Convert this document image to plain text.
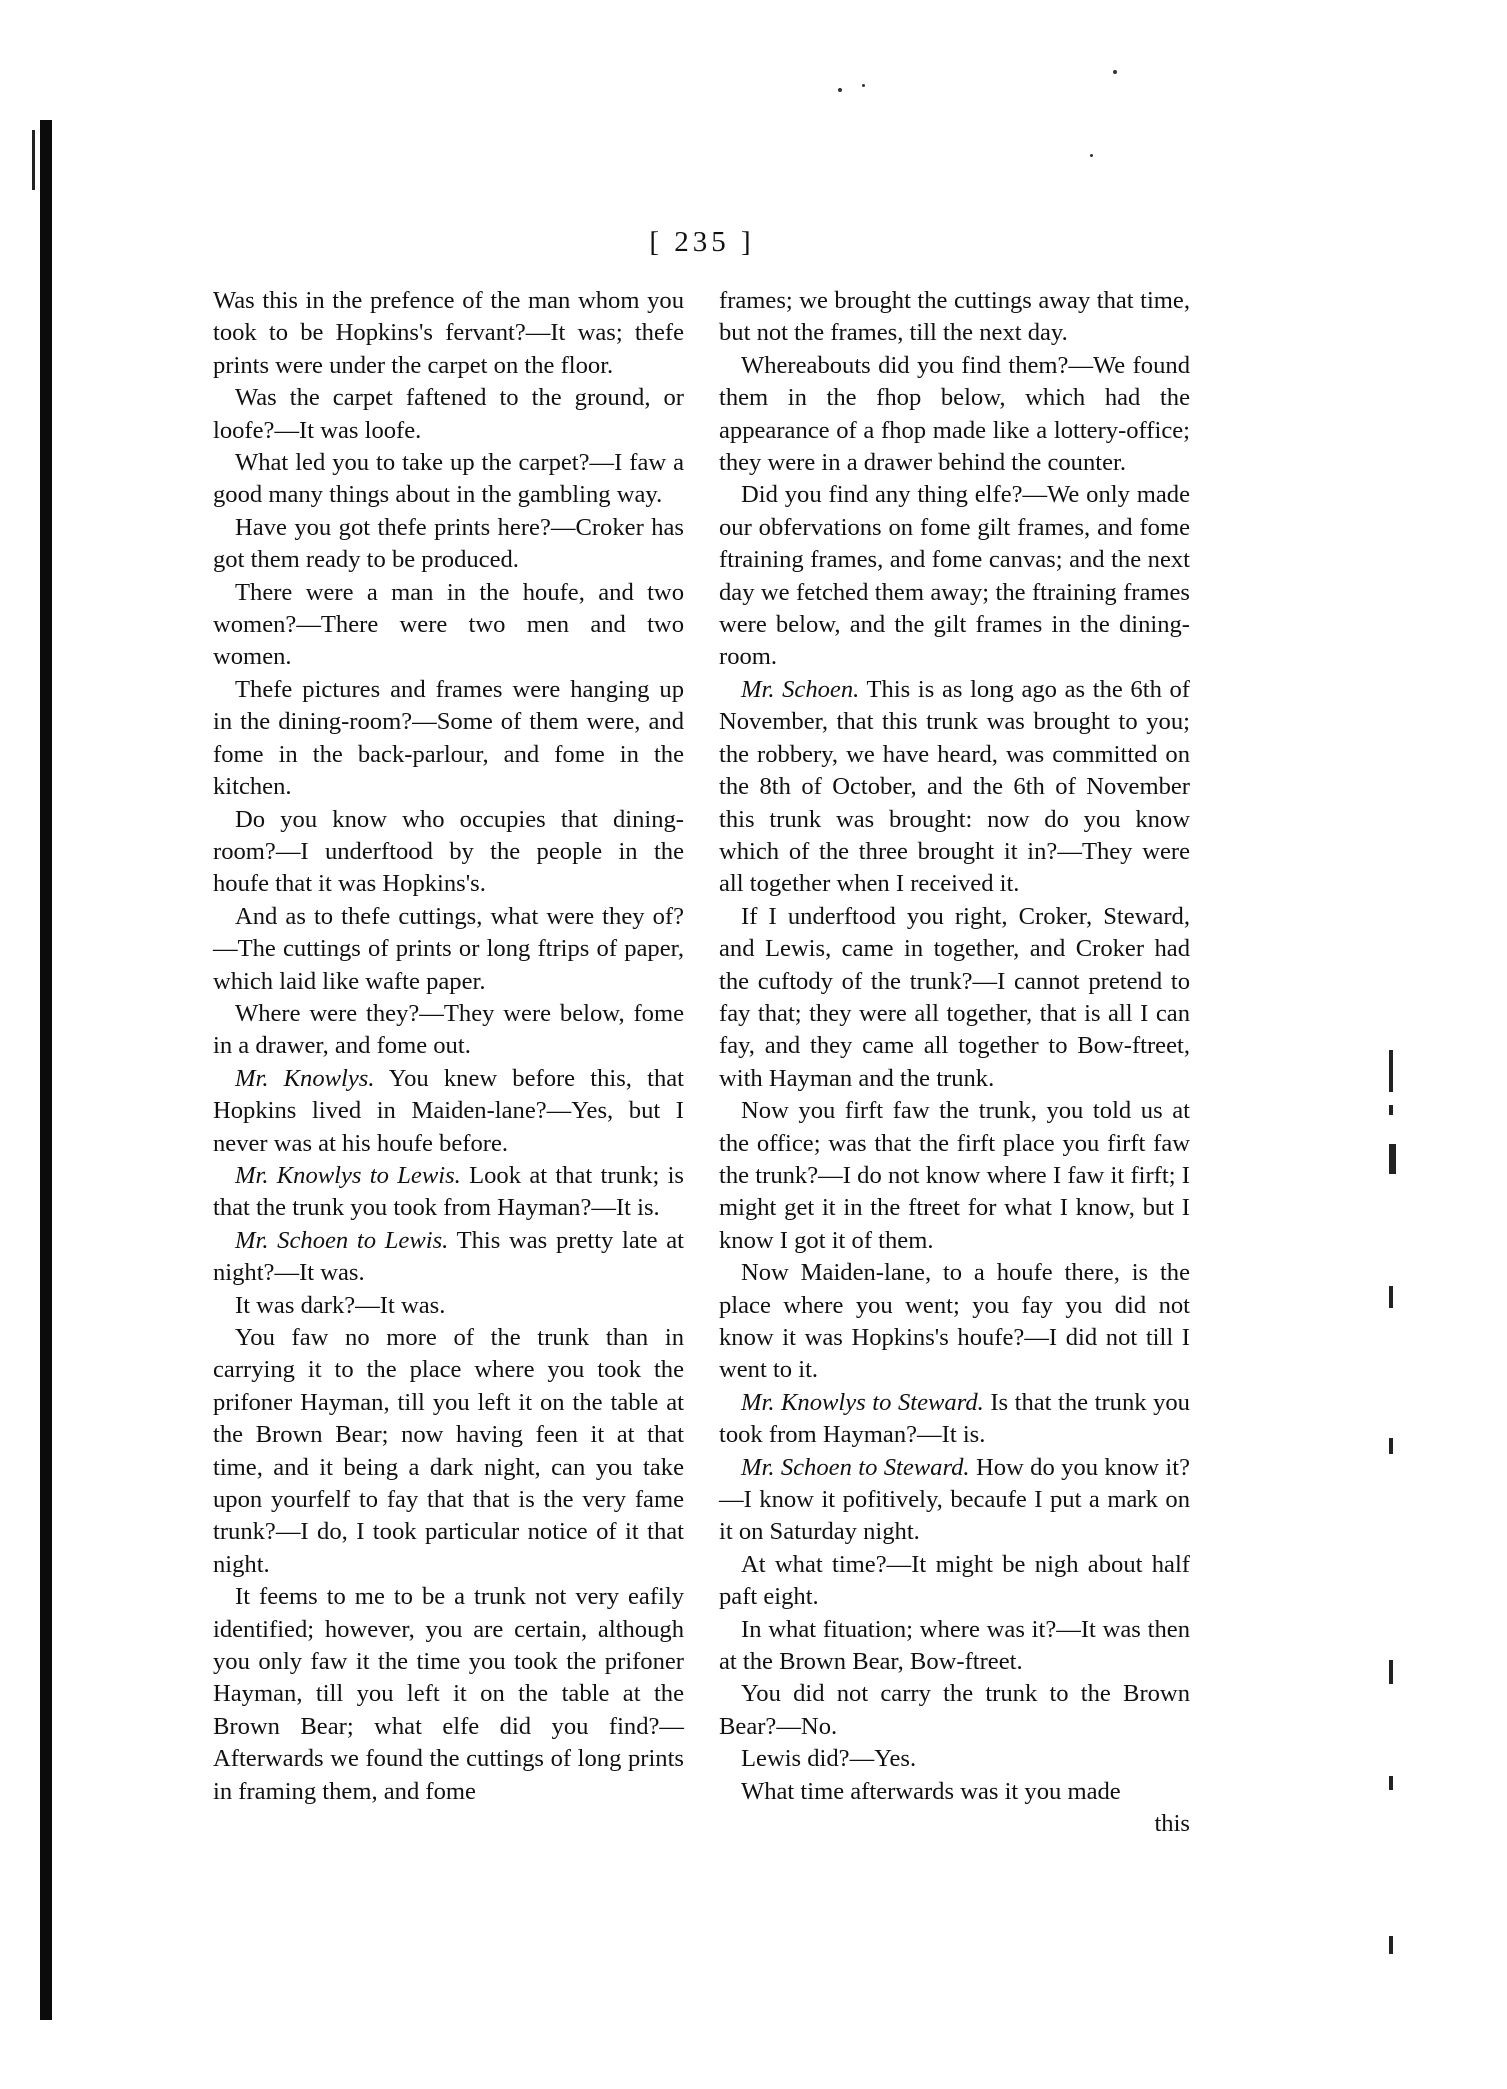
[ 235 ]

Was this in the prefence of the man whom you took to be Hopkins's fervant?—It was; thefe prints were under the carpet on the floor.

Was the carpet faftened to the ground, or loofe?—It was loofe.

What led you to take up the carpet?—I faw a good many things about in the gambling way.

Have you got thefe prints here?—Croker has got them ready to be produced.

There were a man in the houfe, and two women?—There were two men and two women.

Thefe pictures and frames were hanging up in the dining-room?—Some of them were, and fome in the back-parlour, and fome in the kitchen.

Do you know who occupies that dining-room?—I underftood by the people in the houfe that it was Hopkins's.

And as to thefe cuttings, what were they of?—The cuttings of prints or long ftrips of paper, which laid like wafte paper.

Where were they?—They were below, fome in a drawer, and fome out.

Mr. Knowlys. You knew before this, that Hopkins lived in Maiden-lane?—Yes, but I never was at his houfe before.

Mr. Knowlys to Lewis. Look at that trunk; is that the trunk you took from Hayman?—It is.

Mr. Schoen to Lewis. This was pretty late at night?—It was.

It was dark?—It was.

You faw no more of the trunk than in carrying it to the place where you took the prifoner Hayman, till you left it on the table at the Brown Bear; now having feen it at that time, and it being a dark night, can you take upon yourfelf to fay that that is the very fame trunk?—I do, I took particular notice of it that night.

It feems to me to be a trunk not very eafily identified; however, you are certain, although you only faw it the time you took the prifoner Hayman, till you left it on the table at the Brown Bear; what elfe did you find?—Afterwards we found the cuttings of long prints in framing them, and fome

frames; we brought the cuttings away that time, but not the frames, till the next day.

Whereabouts did you find them?—We found them in the fhop below, which had the appearance of a fhop made like a lottery-office; they were in a drawer behind the counter.

Did you find any thing elfe?—We only made our obfervations on fome gilt frames, and fome ftraining frames, and fome canvas; and the next day we fetched them away; the ftraining frames were below, and the gilt frames in the dining-room.

Mr. Schoen. This is as long ago as the 6th of November, that this trunk was brought to you; the robbery, we have heard, was committed on the 8th of October, and the 6th of November this trunk was brought: now do you know which of the three brought it in?—They were all together when I received it.

If I underftood you right, Croker, Steward, and Lewis, came in together, and Croker had the cuftody of the trunk?—I cannot pretend to fay that; they were all together, that is all I can fay, and they came all together to Bow-ftreet, with Hayman and the trunk.

Now you firft faw the trunk, you told us at the office; was that the firft place you firft faw the trunk?—I do not know where I faw it firft; I might get it in the ftreet for what I know, but I know I got it of them.

Now Maiden-lane, to a houfe there, is the place where you went; you fay you did not know it was Hopkins's houfe?—I did not till I went to it.

Mr. Knowlys to Steward. Is that the trunk you took from Hayman?—It is.

Mr. Schoen to Steward. How do you know it?—I know it pofitively, becaufe I put a mark on it on Saturday night.

At what time?—It might be nigh about half paft eight.

In what fituation; where was it?—It was then at the Brown Bear, Bow-ftreet.

You did not carry the trunk to the Brown Bear?—No.

Lewis did?—Yes.

What time afterwards was it you made

this
